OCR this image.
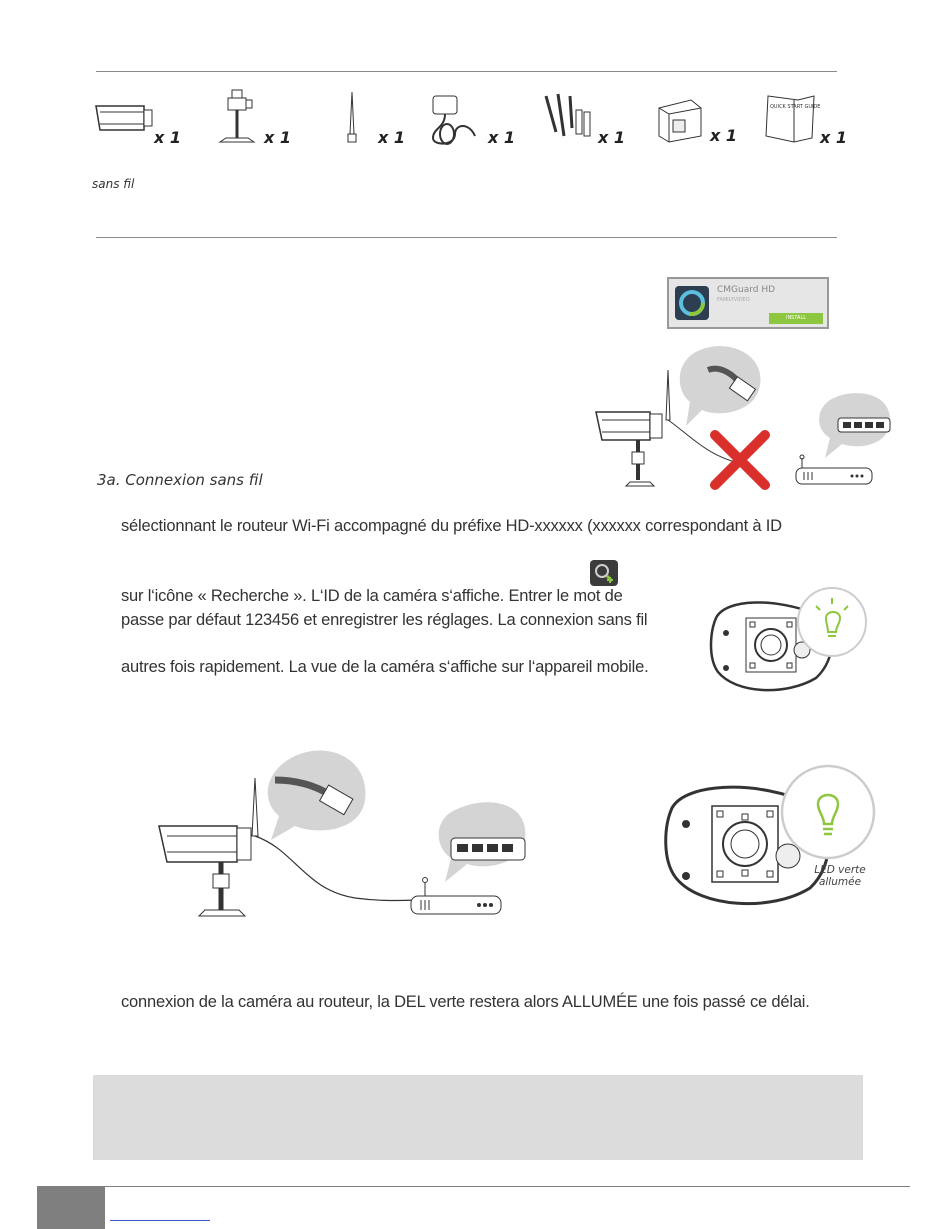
x 1	x 1	x 1	x 1	x 1	x 1
QUICK START GUIDE
x 1
sans fil
CMGuard HD
FAMILYVIDEO
INSTALL
3a. Connexion sans fil
sélectionnant le routeur Wi-Fi accompagné du préfixe HD-xxxxxx (xxxxxx correspondant à ID
sur l‘icône « Recherche ». L‘ID de la caméra s‘affiche. Entrer le mot de
passe par défaut 123456 et enregistrer les réglages. La connexion sans fil
autres fois rapidement. La vue de la caméra s‘affiche sur l‘appareil mobile.
LED verte allumée
connexion de la caméra au routeur, la DEL verte restera alors ALLUMÉE une fois passé ce délai.
